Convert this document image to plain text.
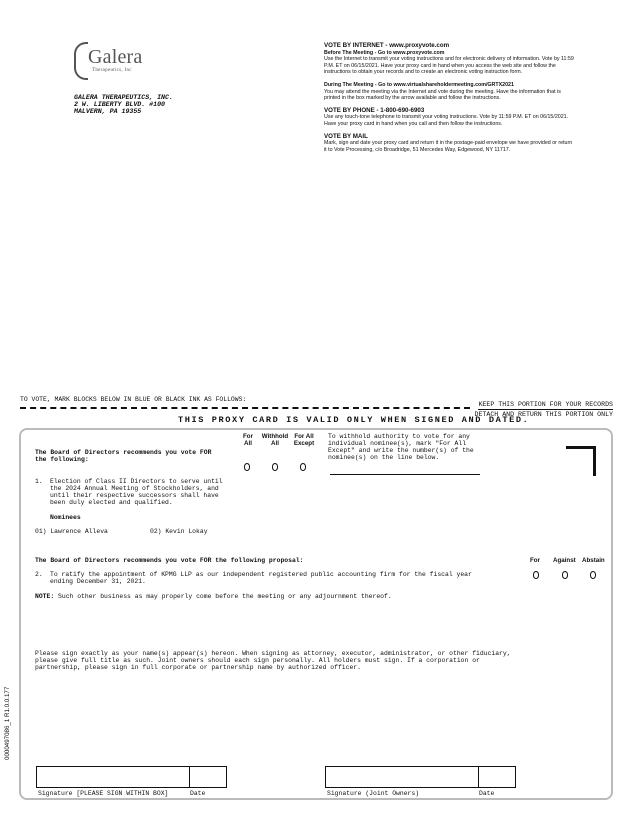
Galera
Therapeutics, Inc
GALERA THERAPEUTICS, INC.
2 W. LIBERTY BLVD. #100
MALVERN, PA 19355
VOTE BY INTERNET - www.proxyvote.com
Before The Meeting - Go to www.proxyvote.com

Use the Internet to transmit your voting instructions and for electronic delivery of information. Vote by 11:59 P.M. ET on 06/15/2021. Have your proxy card in hand when you access the web site and follow the instructions to obtain your records and to create an electronic voting instruction form.

During The Meeting - Go to www.virtualshareholdermeeting.com/GRTX2021

You may attend the meeting via the Internet and vote during the meeting. Have the information that is printed in the box marked by the arrow available and follow the instructions.

VOTE BY PHONE - 1-800-690-6903

Use any touch-tone telephone to transmit your voting instructions. Vote by 11:59 P.M. ET on 06/15/2021. Have your proxy card in hand when you call and then follow the instructions.

VOTE BY MAIL

Mark, sign and date your proxy card and return it in the postage-paid envelope we have provided or return it to Vote Processing, c/o Broadridge, 51 Mercedes Way, Edgewood, NY 11717.

TO VOTE, MARK BLOCKS BELOW IN BLUE OR BLACK INK AS FOLLOWS:
KEEP THIS PORTION FOR YOUR RECORDS
DETACH AND RETURN THIS PORTION ONLY
THIS PROXY CARD IS VALID ONLY WHEN SIGNED AND DATED.
The Board of Directors recommends you vote FOR
the following:
For
All
Withhold
All
For All
Except
To withhold authority to vote for any
individual nominee(s), mark "For All
Except" and write the number(s) of the
nominee(s) on the line below.
1. Election of Class II Directors to serve until
the 2024 Annual Meeting of Stockholders, and
until their respective successors shall have
been duly elected and qualified.
Nominees
01) Lawrence Alleva	02) Kevin Lokay
The Board of Directors recommends you vote FOR the following proposal:	For Against Abstain
2. To ratify the appointment of KPMG LLP as our independent registered public accounting firm for the fiscal year
ending December 31, 2021.
NOTE: Such other business as may properly come before the meeting or any adjournment thereof.
Please sign exactly as your name(s) appear(s) hereon. When signing as attorney, executor, administrator, or other fiduciary,
please give full title as such. Joint owners should each sign personally. All holders must sign. If a corporation or
partnership, please sign in full corporate or partnership name by authorized officer.
Signature [PLEASE SIGN WITHIN BOX]	Date	Signature (Joint Owners)	Date
0000497086_1 R1.0.0.177
